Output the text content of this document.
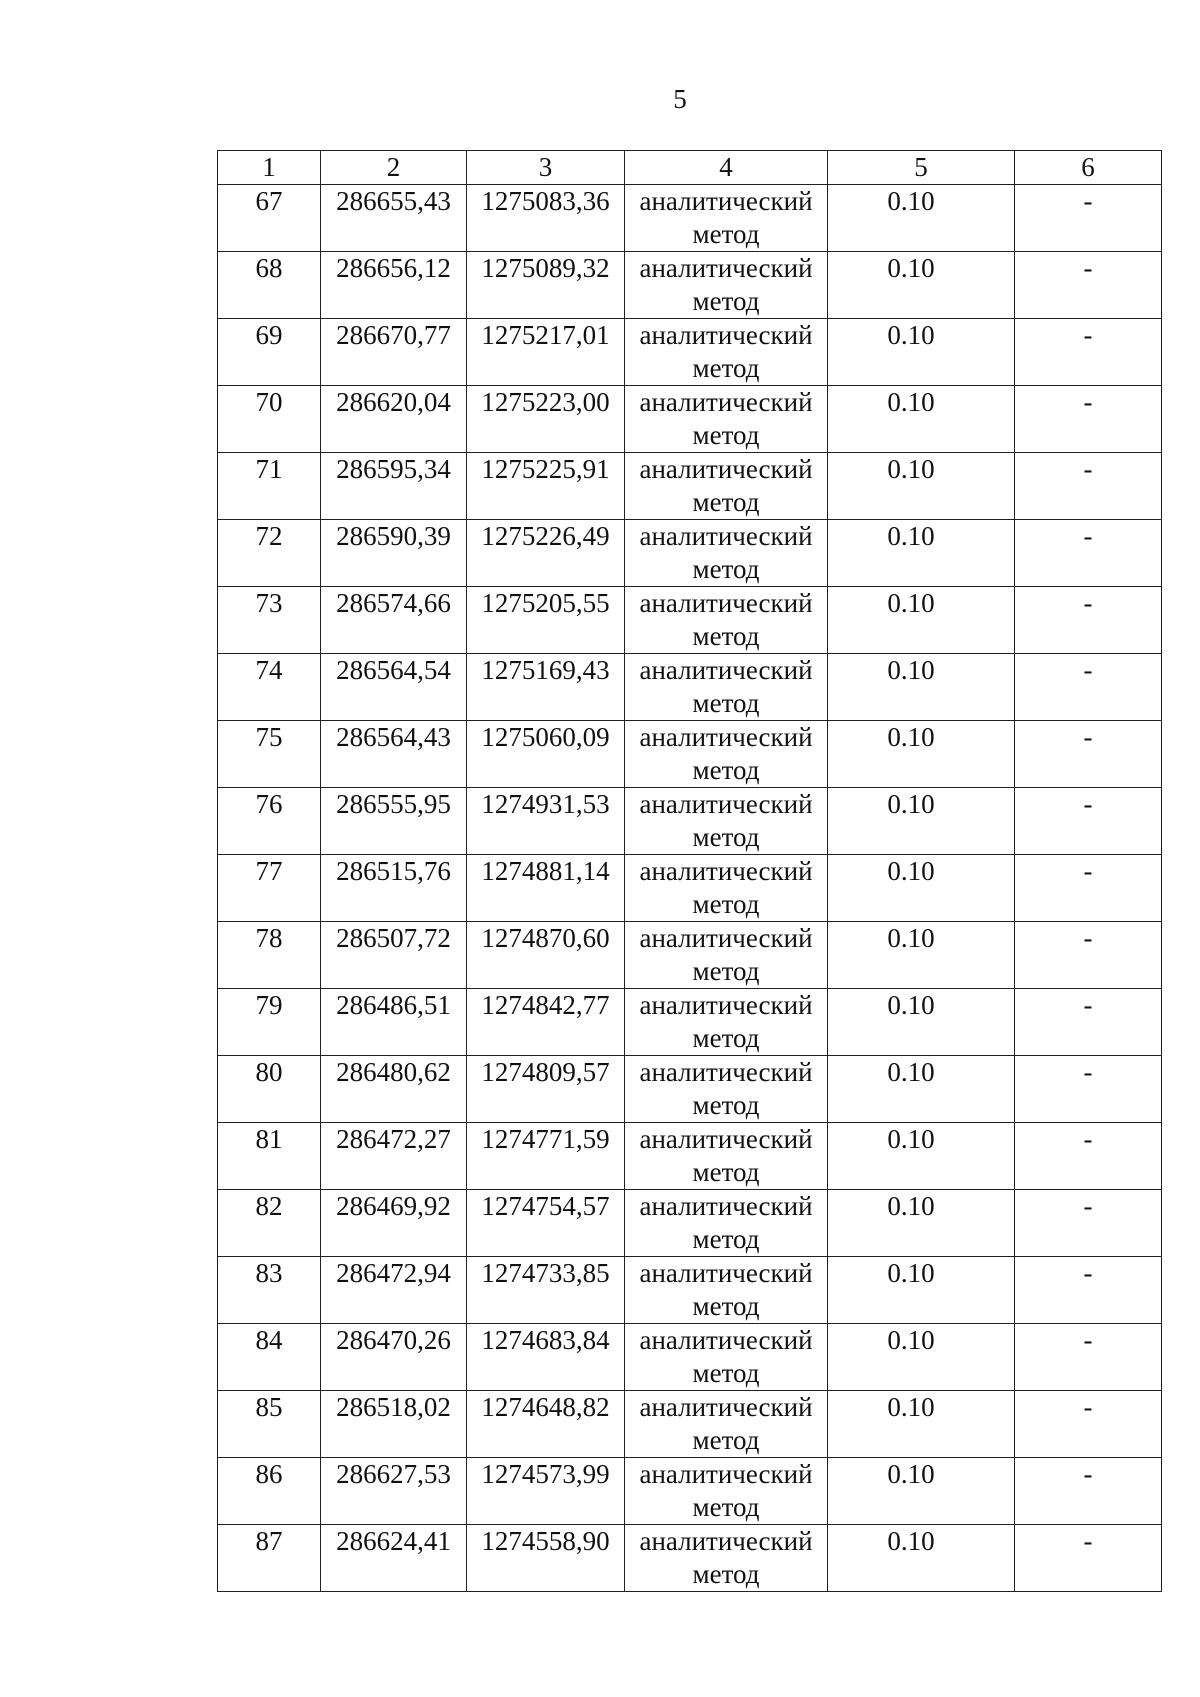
5
1	2	3	4	5	6
67	286655,43	1275083,36	аналитический метод	0.10	-
68	286656,12	1275089,32	аналитический метод	0.10	-
69	286670,77	1275217,01	аналитический метод	0.10	-
70	286620,04	1275223,00	аналитический метод	0.10	-
71	286595,34	1275225,91	аналитический метод	0.10	-
72	286590,39	1275226,49	аналитический метод	0.10	-
73	286574,66	1275205,55	аналитический метод	0.10	-
74	286564,54	1275169,43	аналитический метод	0.10	-
75	286564,43	1275060,09	аналитический метод	0.10	-
76	286555,95	1274931,53	аналитический метод	0.10	-
77	286515,76	1274881,14	аналитический метод	0.10	-
78	286507,72	1274870,60	аналитический метод	0.10	-
79	286486,51	1274842,77	аналитический метод	0.10	-
80	286480,62	1274809,57	аналитический метод	0.10	-
81	286472,27	1274771,59	аналитический метод	0.10	-
82	286469,92	1274754,57	аналитический метод	0.10	-
83	286472,94	1274733,85	аналитический метод	0.10	-
84	286470,26	1274683,84	аналитический метод	0.10	-
85	286518,02	1274648,82	аналитический метод	0.10	-
86	286627,53	1274573,99	аналитический метод	0.10	-
87	286624,41	1274558,90	аналитический метод	0.10	-
